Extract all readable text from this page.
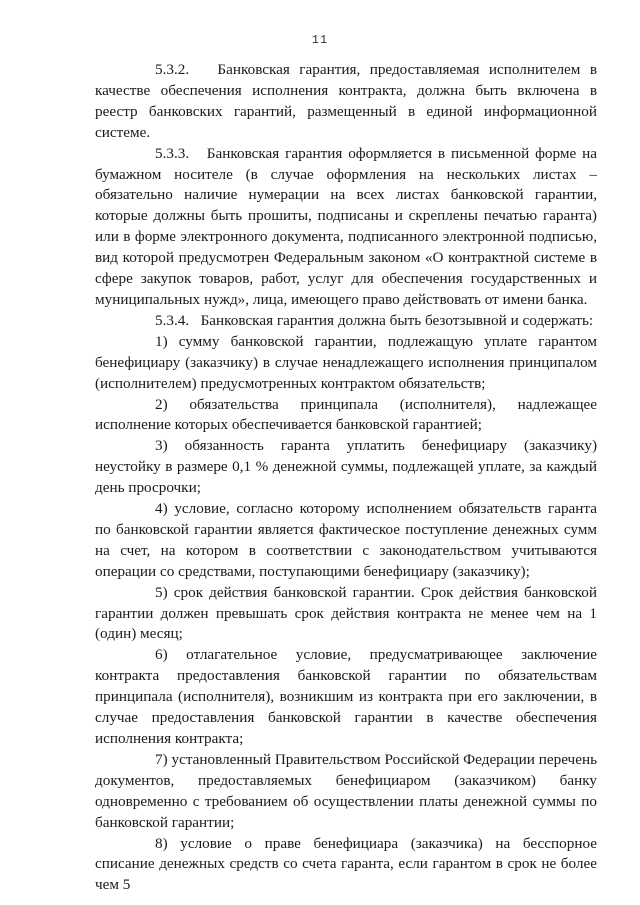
11

5.3.2.   Банковская гарантия, предоставляемая исполнителем в качестве обеспечения исполнения контракта, должна быть включена в реестр банковских гарантий, размещенный в единой информационной системе.

5.3.3.   Банковская гарантия оформляется в письменной форме на бумажном носителе (в случае оформления на нескольких листах – обязательно наличие нумерации на всех листах банковской гарантии, которые должны быть прошиты, подписаны и скреплены печатью гаранта) или в форме электронного документа, подписанного электронной подписью, вид которой предусмотрен Федеральным законом «О контрактной системе в сфере закупок товаров, работ, услуг для обеспечения государственных и муниципальных нужд», лица, имеющего право действовать от имени банка.

5.3.4.   Банковская гарантия должна быть безотзывной и содержать:

1) сумму банковской гарантии, подлежащую уплате гарантом бенефициару (заказчику) в случае ненадлежащего исполнения принципалом (исполнителем) предусмотренных контрактом обязательств;

2) обязательства принципала (исполнителя), надлежащее исполнение которых обеспечивается банковской гарантией;

3) обязанность гаранта уплатить бенефициару (заказчику) неустойку в размере 0,1 % денежной суммы, подлежащей уплате, за каждый день просрочки;

4) условие, согласно которому исполнением обязательств гаранта по банковской гарантии является фактическое поступление денежных сумм на счет, на котором в соответствии с законодательством учитываются операции со средствами, поступающими бенефициару (заказчику);

5) срок действия банковской гарантии. Срок действия банковской гарантии должен превышать срок действия контракта не менее чем на 1 (один) месяц;

6) отлагательное условие, предусматривающее заключение контракта предоставления банковской гарантии по обязательствам принципала (исполнителя), возникшим из контракта при его заключении, в случае предоставления банковской гарантии в качестве обеспечения исполнения контракта;

7) установленный Правительством Российской Федерации перечень документов, предоставляемых бенефициаром (заказчиком) банку одновременно с требованием об осуществлении платы денежной суммы по банковской гарантии;

8) условие о праве бенефициара (заказчика) на бесспорное списание денежных средств со счета гаранта, если гарантом в срок не более чем 5
